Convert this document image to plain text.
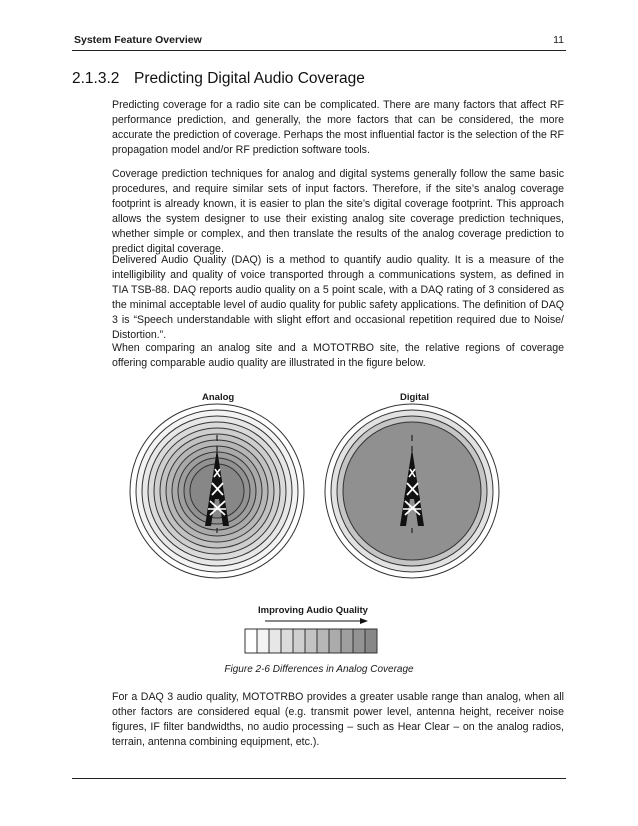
System Feature Overview	11
2.1.3.2 Predicting Digital Audio Coverage

Predicting coverage for a radio site can be complicated. There are many factors that affect RF performance prediction, and generally, the more factors that can be considered, the more accurate the prediction of coverage. Perhaps the most influential factor is the selection of the RF propagation model and/or RF prediction software tools.

Coverage prediction techniques for analog and digital systems generally follow the same basic procedures, and require similar sets of input factors. Therefore, if the site’s analog coverage footprint is already known, it is easier to plan the site’s digital coverage footprint. This approach allows the system designer to use their existing analog site coverage prediction techniques, whether simple or complex, and then translate the results of the analog coverage prediction to predict digital coverage.

Delivered Audio Quality (DAQ) is a method to quantify audio quality. It is a measure of the intelligibility and quality of voice transported through a communications system, as defined in TIA TSB-88. DAQ reports audio quality on a 5 point scale, with a DAQ rating of 3 considered as the minimal acceptable level of audio quality for public safety applications. The definition of DAQ 3 is “Speech understandable with slight effort and occasional repetition required due to Noise/ Distortion.”.

When comparing an analog site and a MOTOTRBO site, the relative regions of coverage offering comparable audio quality are illustrated in the figure below.

Analog	Digital
Improving Audio Quality
Figure 2-6 Differences in Analog Coverage

For a DAQ 3 audio quality, MOTOTRBO provides a greater usable range than analog, when all other factors are considered equal (e.g. transmit power level, antenna height, receiver noise figures, IF filter bandwidths, no audio processing – such as Hear Clear – on the analog radios, terrain, antenna combining equipment, etc.).
